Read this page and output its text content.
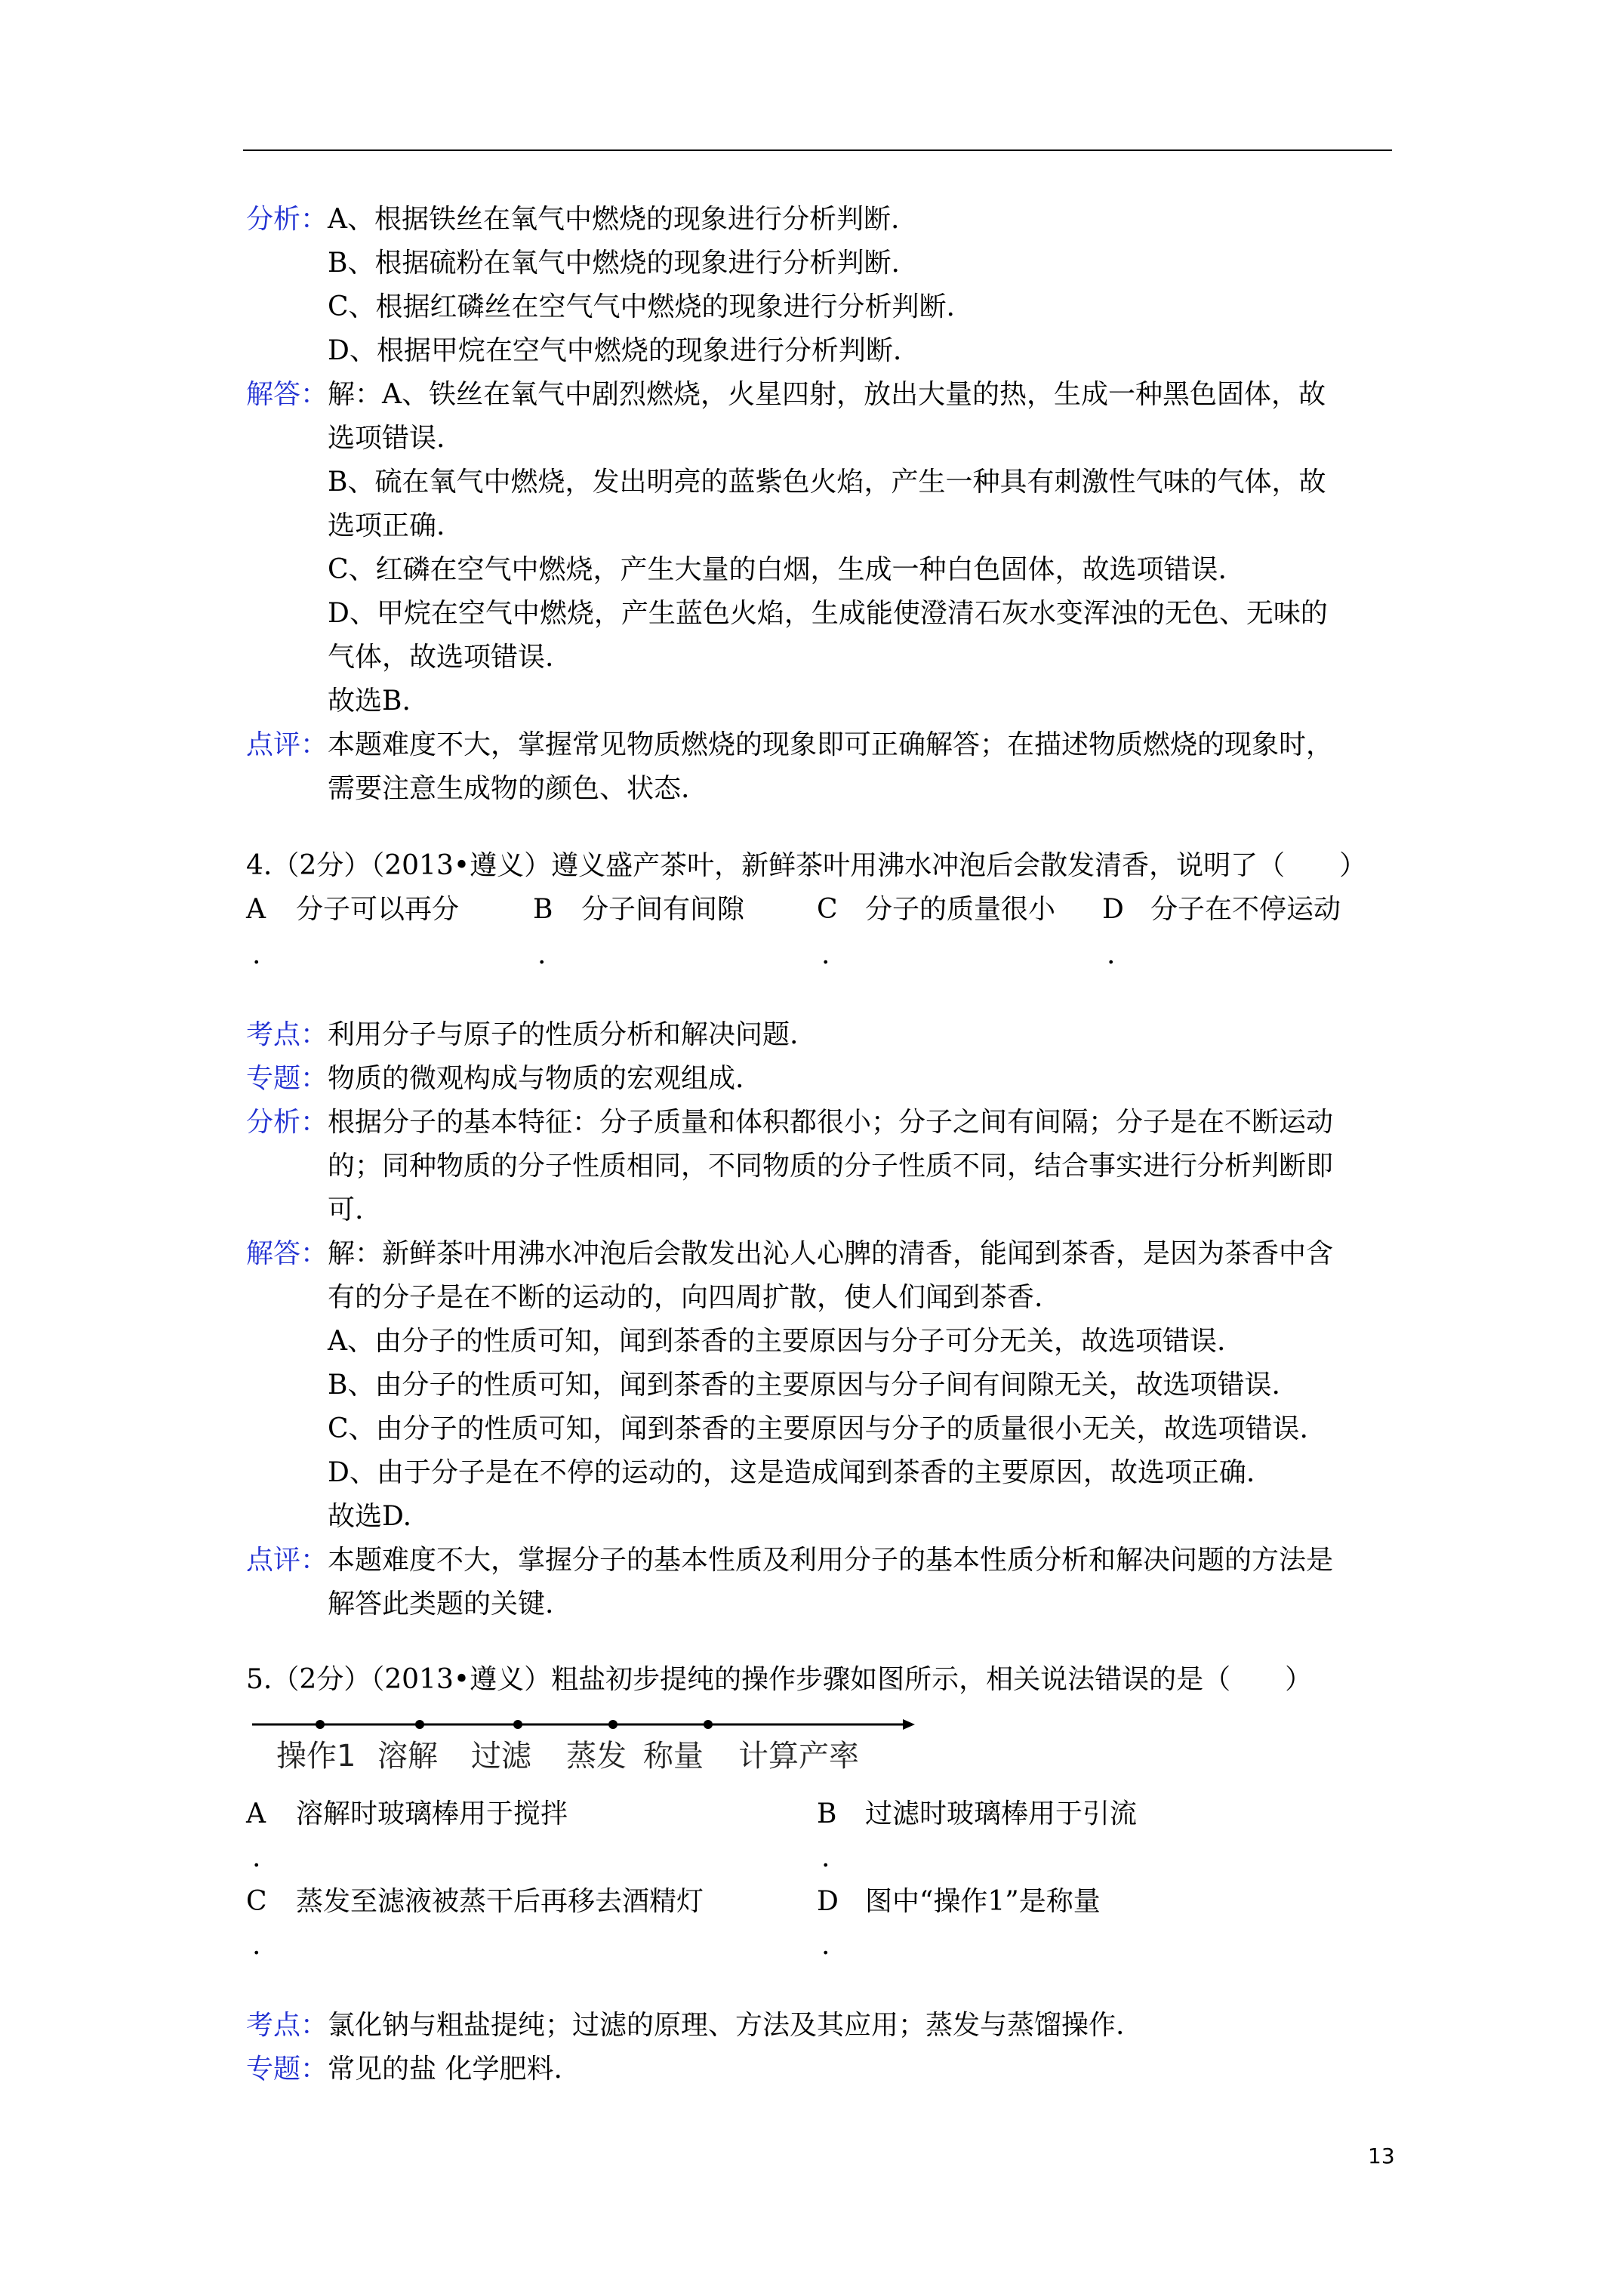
分析： A、根据铁丝在氧气中燃烧的现象进行分析判断.
B、根据硫粉在氧气中燃烧的现象进行分析判断.
C、根据红磷丝在空气气中燃烧的现象进行分析判断.
D、根据甲烷在空气中燃烧的现象进行分析判断.
解答： 解：A、铁丝在氧气中剧烈燃烧，火星四射，放出大量的热，生成一种黑色固体，故
选项错误.
B、硫在氧气中燃烧，发出明亮的蓝紫色火焰，产生一种具有刺激性气味的气体，故
选项正确.
C、红磷在空气中燃烧，产生大量的白烟，生成一种白色固体，故选项错误.
D、甲烷在空气中燃烧，产生蓝色火焰，生成能使澄清石灰水变浑浊的无色、无味的
气体，故选项错误.
故选B.
点评： 本题难度不大，掌握常见物质燃烧的现象即可正确解答；在描述物质燃烧的现象时，
需要注意生成物的颜色、状态.
4.（2分）（2013•遵义）遵义盛产茶叶，新鲜茶叶用沸水冲泡后会散发清香，说明了（　　）
A 分子可以再分	B 分子间有间隙	C 分子的质量很小 D 分子在不停运动
.	.	.	.
考点： 利用分子与原子的性质分析和解决问题.
专题： 物质的微观构成与物质的宏观组成.
分析： 根据分子的基本特征：分子质量和体积都很小；分子之间有间隔；分子是在不断运动
的；同种物质的分子性质相同，不同物质的分子性质不同，结合事实进行分析判断即
可.
解答： 解：新鲜茶叶用沸水冲泡后会散发出沁人心脾的清香，能闻到茶香，是因为茶香中含
有的分子是在不断的运动的，向四周扩散，使人们闻到茶香.
A、由分子的性质可知，闻到茶香的主要原因与分子可分无关，故选项错误.
B、由分子的性质可知，闻到茶香的主要原因与分子间有间隙无关，故选项错误.
C、由分子的性质可知，闻到茶香的主要原因与分子的质量很小无关，故选项错误.
D、由于分子是在不停的运动的，这是造成闻到茶香的主要原因，故选项正确.
故选D.
点评： 本题难度不大，掌握分子的基本性质及利用分子的基本性质分析和解决问题的方法是
解答此类题的关键.
5.（2分）（2013•遵义）粗盐初步提纯的操作步骤如图所示，相关说法错误的是（　　）
操作1 溶解 过滤 蒸发 称量 计算产率
A 溶解时玻璃棒用于搅拌	B 过滤时玻璃棒用于引流
.	.
C 蒸发至滤液被蒸干后再移去酒精灯	D 图中“操作1”是称量
.	.
考点： 氯化钠与粗盐提纯；过滤的原理、方法及其应用；蒸发与蒸馏操作.
专题： 常见的盐 化学肥料.
13
